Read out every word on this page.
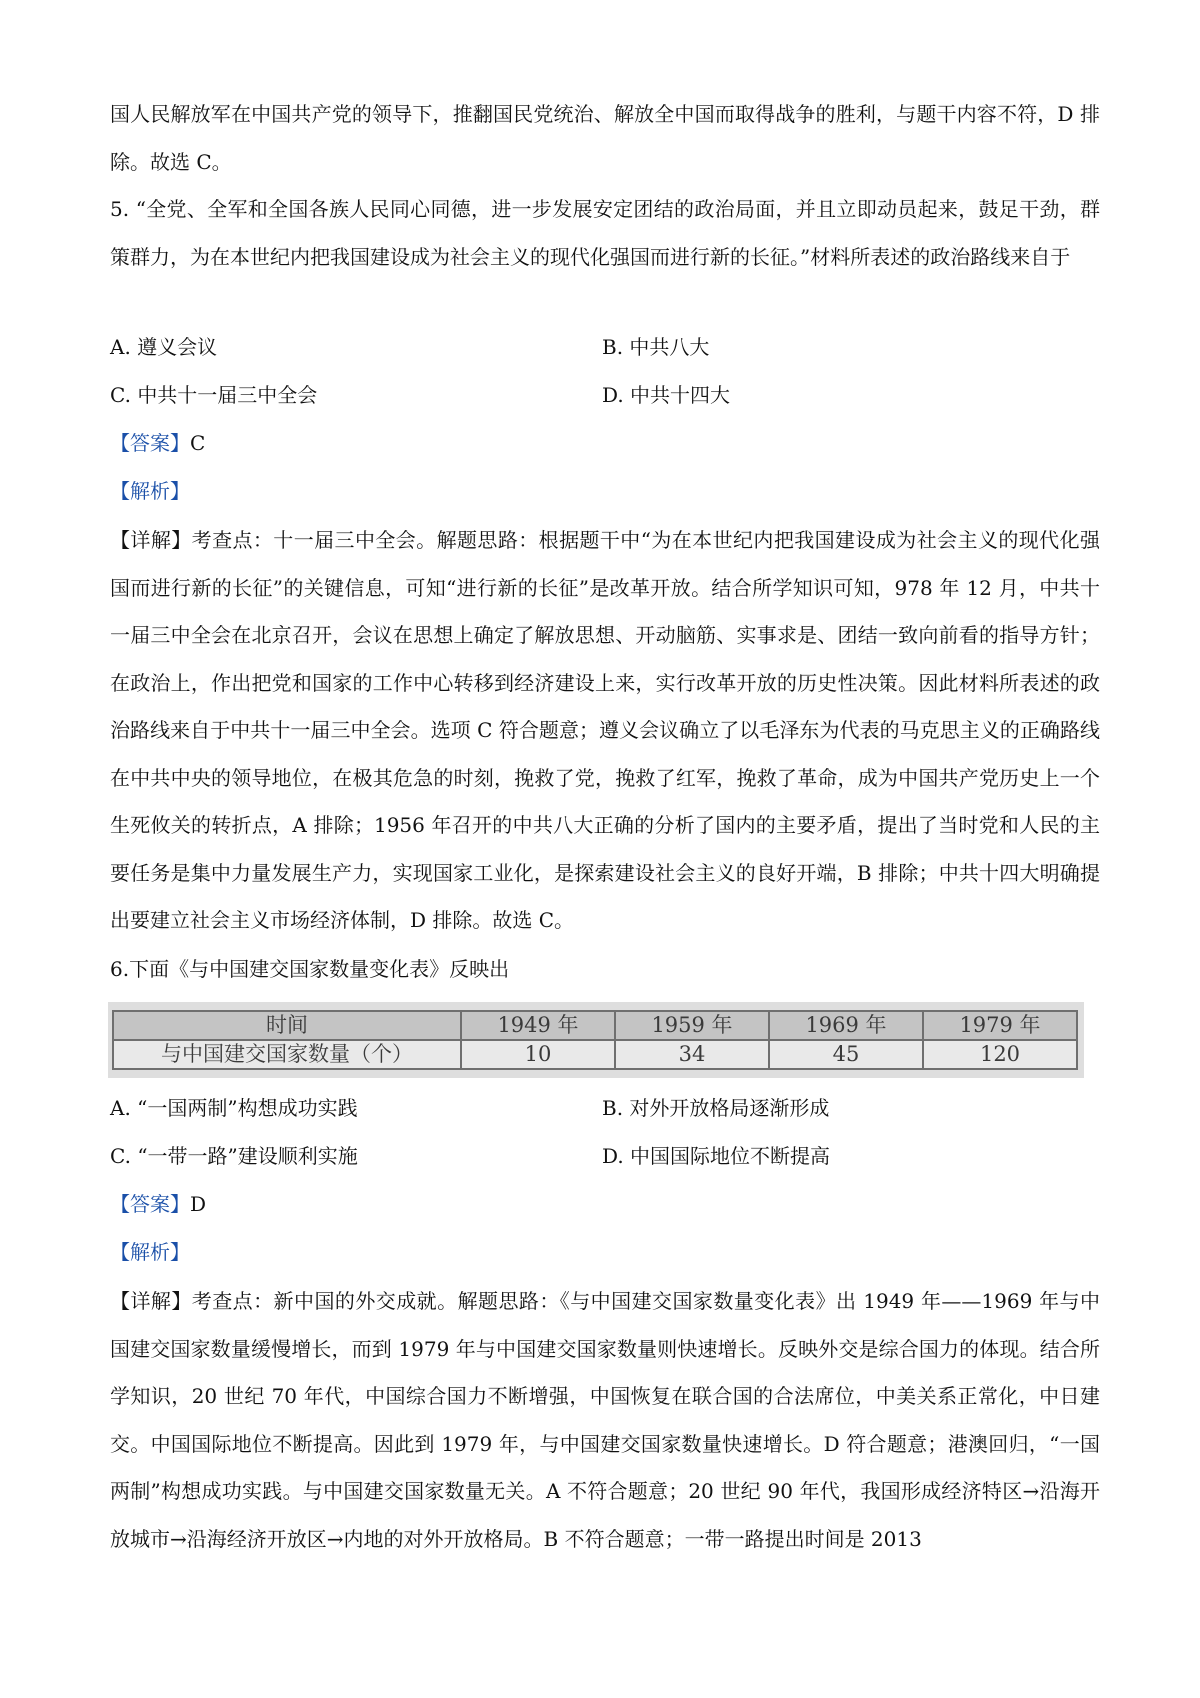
国人民解放军在中国共产党的领导下，推翻国民党统治、解放全中国而取得战争的胜利，与题干内容不符，D 排除。故选 C。

5. “全党、全军和全国各族人民同心同德，进一步发展安定团结的政治局面，并且立即动员起来，鼓足干劲，群策群力，为在本世纪内把我国建设成为社会主义的现代化强国而进行新的长征。”材料所表述的政治路线来自于

A. 遵义会议	B. 中共八大
C. 中共十一届三中全会	D. 中共十四大
【答案】C
【解析】

【详解】考查点：十一届三中全会。解题思路：根据题干中“为在本世纪内把我国建设成为社会主义的现代化强国而进行新的长征”的关键信息，可知“进行新的长征”是改革开放。结合所学知识可知，978 年 12 月，中共十一届三中全会在北京召开，会议在思想上确定了解放思想、开动脑筋、实事求是、团结一致向前看的指导方针；在政治上，作出把党和国家的工作中心转移到经济建设上来，实行改革开放的历史性决策。因此材料所表述的政治路线来自于中共十一届三中全会。选项 C 符合题意；遵义会议确立了以毛泽东为代表的马克思主义的正确路线在中共中央的领导地位，在极其危急的时刻，挽救了党，挽救了红军，挽救了革命，成为中国共产党历史上一个生死攸关的转折点，A 排除；1956 年召开的中共八大正确的分析了国内的主要矛盾，提出了当时党和人民的主要任务是集中力量发展生产力，实现国家工业化，是探索建设社会主义的良好开端，B 排除；中共十四大明确提出要建立社会主义市场经济体制，D 排除。故选 C。

6.下面《与中国建交国家数量变化表》反映出
时间	1949 年	1959 年	1969 年	1979 年
与中国建交国家数量（个）	10	34	45	120
A. “一国两制”构想成功实践	B. 对外开放格局逐渐形成
C. “一带一路”建设顺利实施	D. 中国国际地位不断提高
【答案】D
【解析】

【详解】考查点：新中国的外交成就。解题思路：《与中国建交国家数量变化表》出 1949 年——1969 年与中国建交国家数量缓慢增长，而到 1979 年与中国建交国家数量则快速增长。反映外交是综合国力的体现。结合所学知识，20 世纪 70 年代，中国综合国力不断增强，中国恢复在联合国的合法席位，中美关系正常化，中日建交。中国国际地位不断提高。因此到 1979 年，与中国建交国家数量快速增长。D 符合题意；港澳回归，“一国两制”构想成功实践。与中国建交国家数量无关。A 不符合题意；20 世纪 90 年代，我国形成经济特区→沿海开放城市→沿海经济开放区→内地的对外开放格局。B 不符合题意；一带一路提出时间是 2013
